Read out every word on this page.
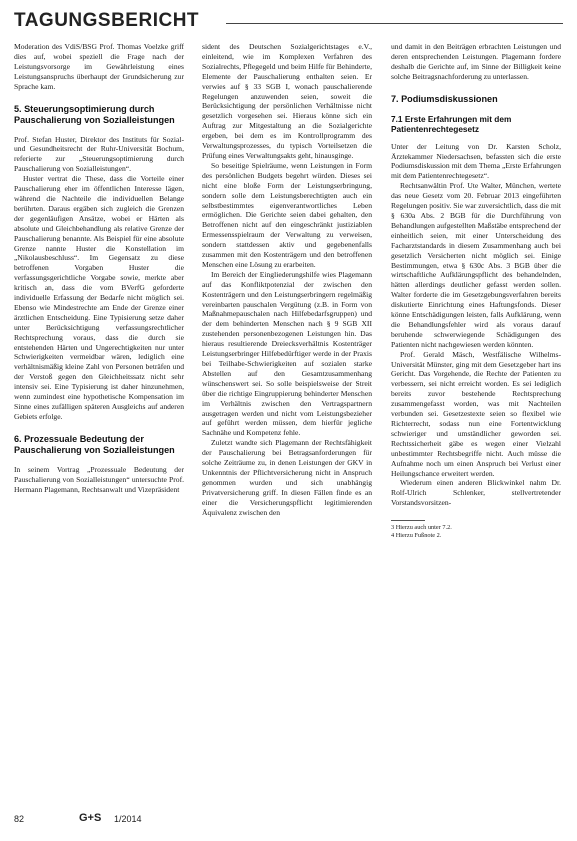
TAGUNGSBERICHT

Moderation des VdiS/BSG Prof. Thomas Voelzke griff dies auf, wobei speziell die Frage nach der Leistungsvorsorge im Gewährleistung eines Leistungsanspruchs überhaupt der Grundsicherung zur Sprache kam.

5. Steuerungsoptimierung durch Pauschalierung von Sozialleistungen

Prof. Stefan Huster, Direktor des Instituts für Sozial- und Gesundheitsrecht der Ruhr-Universität Bochum, referierte zur „Steuerungsoptimierung durch Pauschalierung von Sozialleistungen“.

Huster vertrat die These, dass die Vorteile einer Pauschalierung eher im öffentlichen Interesse lägen, während die Nachteile die individuellen Belange berührten. Daraus ergäben sich zugleich die Grenzen der gegenläufigen Ansätze, wobei er Härten als absolute und Gleichbehandlung als relative Grenze der Pauschalierung benannte. Als Beispiel für eine absolute Grenze nannte Huster die Konstellation im „Nikolausbeschluss“. Im Gegensatz zu diese betroffenen Vorgaben Huster die verfassungsgerichtliche Vorgabe sowie, merkte aber kritisch an, dass die vom BVerfG geforderte individuelle Erfassung der Bedarfe nicht möglich sei. Ebenso wie Mindestrechte am Ende der Grenze einer ärztlichen Entscheidung. Eine Typisierung setze daher unter Berücksichtigung verfassungsrechtlicher Rechtsprechung voraus, dass die durch sie entstehenden Härten und Ungerechtigkeiten nur unter Schwierigkeiten vermeidbar wären, lediglich eine verhältnismäßig kleine Zahl von Personen beträfen und der Verstoß gegen den Gleichheitssatz nicht sehr intensiv sei. Eine Typisierung ist daher hinzunehmen, wenn zumindest eine hypothetische Kompensation im Sinne eines zufälligen späteren Ausgleichs auf anderen Gebiets erfolge.

6. Prozessuale Bedeutung der Pauschalierung von Sozialleistungen

In seinem Vortrag „Prozessuale Bedeutung der Pauschalierung von Sozialleistungen“ untersuchte Prof. Hermann Plagemann, Rechtsanwalt und Vizepräsident

sident des Deutschen Sozialgerichtstages e.V., einleitend, wie im Komplexen Verfahren des Sozialrechts, Pflegegeld und beim Hilfe für Behinderte, Elemente der Pauschalierung enthalten seien. Er verwies auf § 33 SGB I, wonach pauschalierende Regelungen anzuwenden seien, soweit die Berücksichtigung der persönlichen Verhältnisse nicht gesetzlich vorgesehen sei. Hieraus könne sich ein Auftrag zur Mitgestaltung an die Sozialgerichte ergeben, bei dem es im Kontrollprogramm des Verwaltungsprozesses, du typisch Vorteilsetzen die Prüfung eines Verwaltungsakts geht, hinausginge.

So beseitige Spielräume, wenn Leistungen in Form des persönlichen Budgets begehrt würden. Dieses sei nicht eine bloße Form der Leistungserbringung, sondern solle dem Leistungsberechtigten auch ein selbstbestimmtes eigenverantwortliches Leben ermöglichen. Die Gerichte seien dabei gehalten, den Betroffenen nicht auf den eingeschränkt justiziablen Ermessensspielraum der Verwaltung zu verweisen, sondern stattdessen aktiv und gegebenenfalls zusammen mit den Kostenträgern und den betroffenen Menschen eine Lösung zu erarbeiten.

Im Bereich der Eingliederungshilfe wies Plagemann auf das Konfliktpotenzial der zwischen den Kostenträgern und den Leistungserbringern regelmäßig vereinbarten pauschalen Vergütung (z.B. in Form von Maßnahmepauschalen nach Hilfebedarfsgruppen) und der dem behinderten Menschen nach § 9 SGB XII zustehenden personenbezogenen Leistungen hin. Das hieraus resultierende Dreiecksverhältnis Kostenträger Leistungserbringer Hilfebedürftiger werde in der Praxis bei Teilhabe-Schwierigkeiten auf sozialen starke Abstellen auf den Gesamtzusammenhang wünschenswert sei. So solle beispielsweise der Streit über die richtige Eingruppierung behinderter Menschen im Verhältnis zwischen den Vertragspartnern ausgetragen werden und nicht vom Leistungsbezieher auf geführt werden müssen, dem hierfür jegliche Sachnähe und Kompetenz fehle.

Zuletzt wandte sich Plagemann der Rechtsfähigkeit der Pauschalierung bei Betragsanforderungen für solche Zeiträume zu, in denen Leistungen der GKV in Unkenntnis der Pflichtversicherung nicht in Anspruch genommen wurden und sich unabhängig Privatversicherung griff. In diesen Fällen finde es an einer die Versicherungspflicht legitimierenden Äquivalenz zwischen den

und damit in den Beiträgen erbrachten Leistungen und deren entsprechenden Leistungen. Plagemann fordere deshalb die Gerichte auf, im Sinne der Billigkeit keine solche Beitragsnachforderung zu unterlassen.

7. Podiumsdiskussionen
7.1 Erste Erfahrungen mit dem Patientenrechtegesetz

Unter der Leitung von Dr. Karsten Scholz, Ärztekammer Niedersachsen, befassten sich die erste Podiumsdiskussion mit dem Thema „Erste Erfahrungen mit dem Patientenrechtegesetz“.

Rechtsanwältin Prof. Ute Walter, München, wertete das neue Gesetz vom 20. Februar 2013 eingeführten Regelungen positiv. Sie war zuversichtlich, dass die mit § 630a Abs. 2 BGB für die Durchführung von Behandlungen aufgestellten Maßstäbe entsprechend der einheitlich seien, mit einer Unterscheidung des Facharztstandards in diesem Zusammenhang auch bei gesetzlich Versicherten nicht möglich sei. Einige Bestimmungen, etwa § 630c Abs. 3 BGB über die wirtschaftliche Aufklärungspflicht des behandelnden, hätten allerdings deutlicher gefasst werden sollen. Walter forderte die im Gesetzgebungsverfahren bereits diskutierte Einrichtung eines Haftungsfonds. Dieser könne Entschädigungen leisten, falls Aufklärung, wenn die Behandlungsfehler wird als voraus darauf beruhende schwerwiegende Schädigungen des Patienten nicht nachgewiesen werden könnten.

Prof. Gerald Mäsch, Westfälische Wilhelms-Universität Münster, ging mit dem Gesetzgeber hart ins Gericht. Das Vorgehende, die Rechte der Patienten zu verbessern, sei nicht erreicht worden. Es sei lediglich bereits zuvor bestehende Rechtsprechung zusammengefasst worden, was mit Nachteilen verbunden sei. Gesetzestexte seien so flexibel wie Richterrecht, sodass nun eine Fortentwicklung schwieriger und umständlicher geworden sei. Rechtssicherheit gäbe es wegen einer Vielzahl unbestimmter Rechtsbegriffe nicht. Auch müsse die Aufnahme noch um einen Anspruch bei Verlust einer Heilungschance erweitert werden.

Wiederum einen anderen Blickwinkel nahm Dr. Rolf-Ulrich Schlenker, stellvertretender Vorstandsvorsitzen-

3 Hierzu auch unter 7.2.
4 Hierzu Fußnote 2.
82	G+S 1/2014
